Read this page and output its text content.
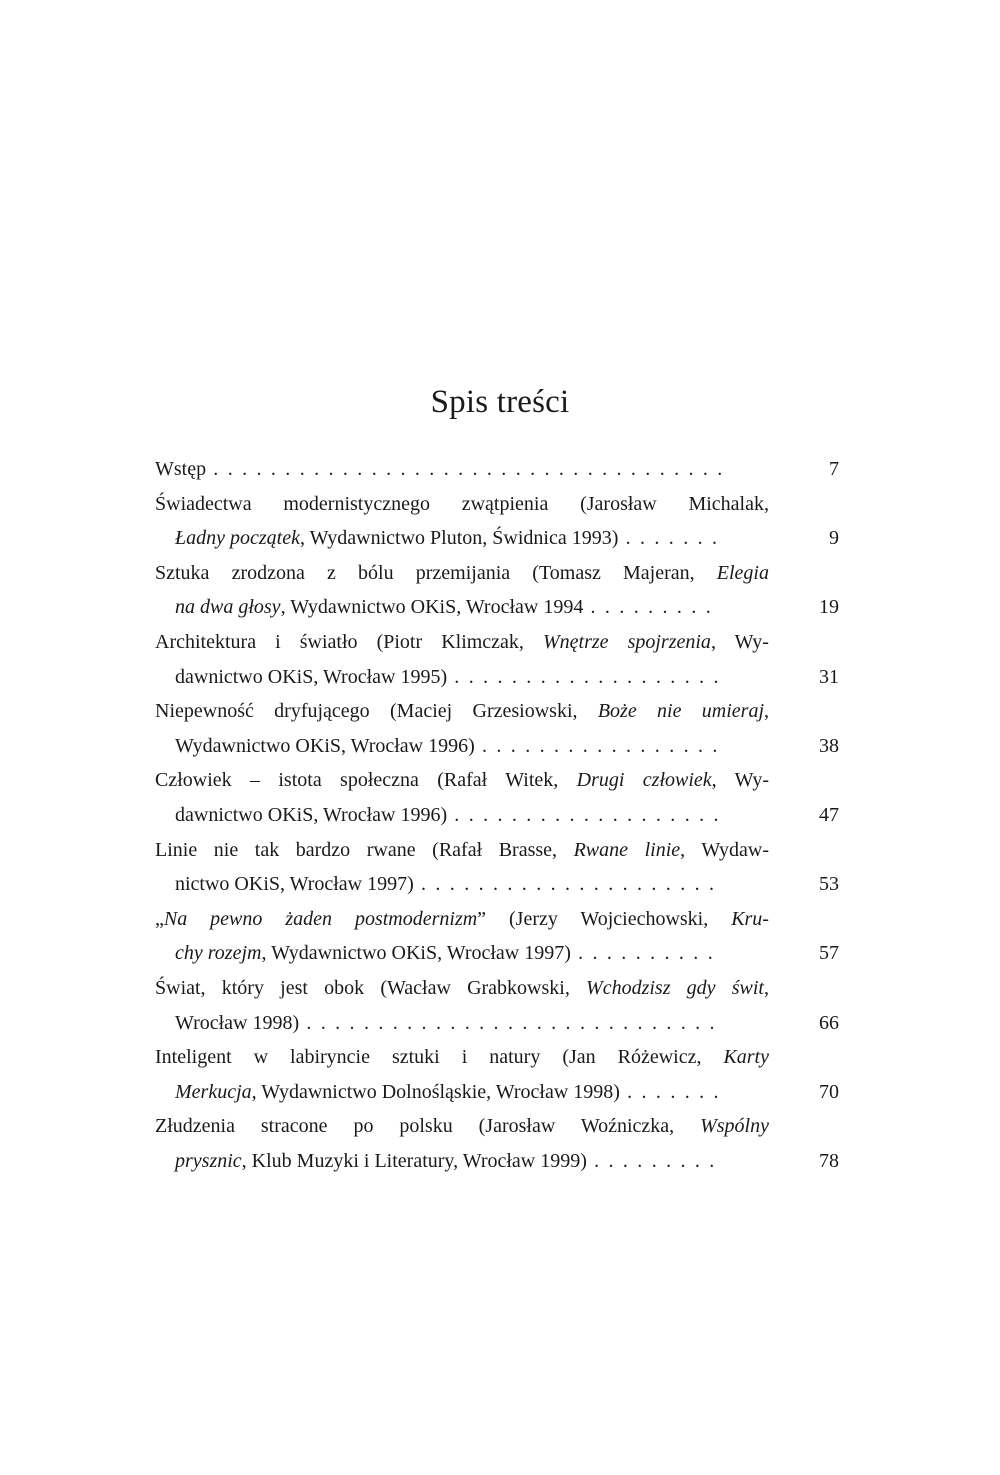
Spis treści
Wstęp . . .	7
Świadectwa modernistycznego zwątpienia (Jarosław Michalak,
Ładny początek, Wydawnictwo Pluton, Świdnica 1993) . . .	9
Sztuka zrodzona z bólu przemijania (Tomasz Majeran, Elegia
na dwa głosy, Wydawnictwo OKiS, Wrocław 1994 . . .	19
Architektura i światło (Piotr Klimczak, Wnętrze spojrzenia, Wy-
dawnictwo OKiS, Wrocław 1995) . . .	31
Niepewność dryfującego (Maciej Grzesiowski, Boże nie umieraj,
Wydawnictwo OKiS, Wrocław 1996) . . .	38
Człowiek – istota społeczna (Rafał Witek, Drugi człowiek, Wy-
dawnictwo OKiS, Wrocław 1996) . . .	47
Linie nie tak bardzo rwane (Rafał Brasse, Rwane linie, Wydaw-
nictwo OKiS, Wrocław 1997) . . .	53
„Na pewno żaden postmodernizm” (Jerzy Wojciechowski, Kru-
chy rozejm, Wydawnictwo OKiS, Wrocław 1997) . . .	57
Świat, który jest obok (Wacław Grabkowski, Wchodzisz gdy świt,
Wrocław 1998) . . .	66
Inteligent w labiryncie sztuki i natury (Jan Różewicz, Karty
Merkucja, Wydawnictwo Dolnośląskie, Wrocław 1998) . . .	70
Złudzenia stracone po polsku (Jarosław Woźniczka, Wspólny
prysznic, Klub Muzyki i Literatury, Wrocław 1999) . . .	78
